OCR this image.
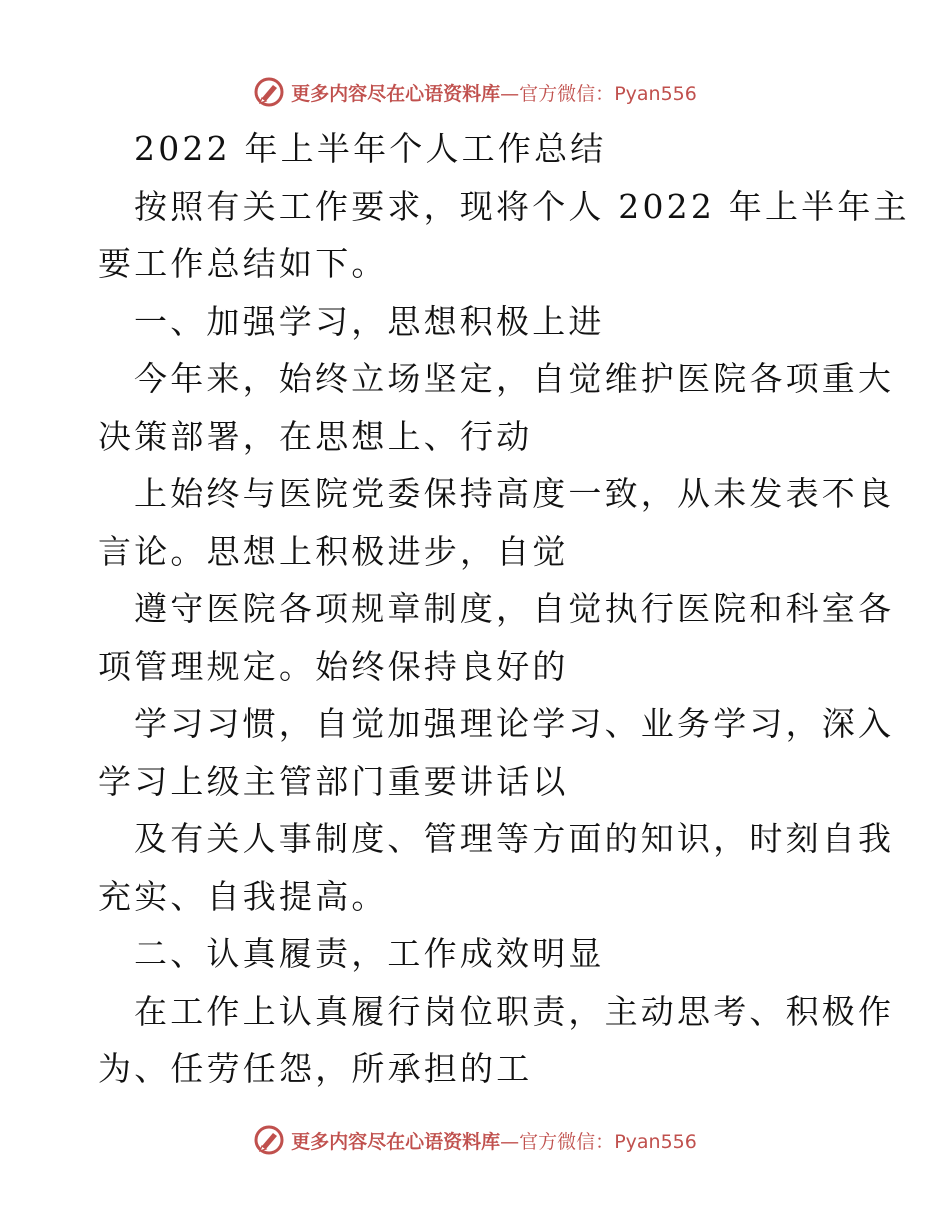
更多内容尽在心语资料库—官方微信：Pyan556
2022 年上半年个人工作总结
按照有关工作要求，现将个人 2022 年上半年主
要工作总结如下。
一、加强学习，思想积极上进
今年来，始终立场坚定，自觉维护医院各项重大
决策部署，在思想上、行动
上始终与医院党委保持高度一致，从未发表不良
言论。思想上积极进步，自觉
遵守医院各项规章制度，自觉执行医院和科室各
项管理规定。始终保持良好的
学习习惯，自觉加强理论学习、业务学习，深入
学习上级主管部门重要讲话以
及有关人事制度、管理等方面的知识，时刻自我
充实、自我提高。
二、认真履责，工作成效明显
在工作上认真履行岗位职责，主动思考、积极作
为、任劳任怨，所承担的工
更多内容尽在心语资料库—官方微信：Pyan556
